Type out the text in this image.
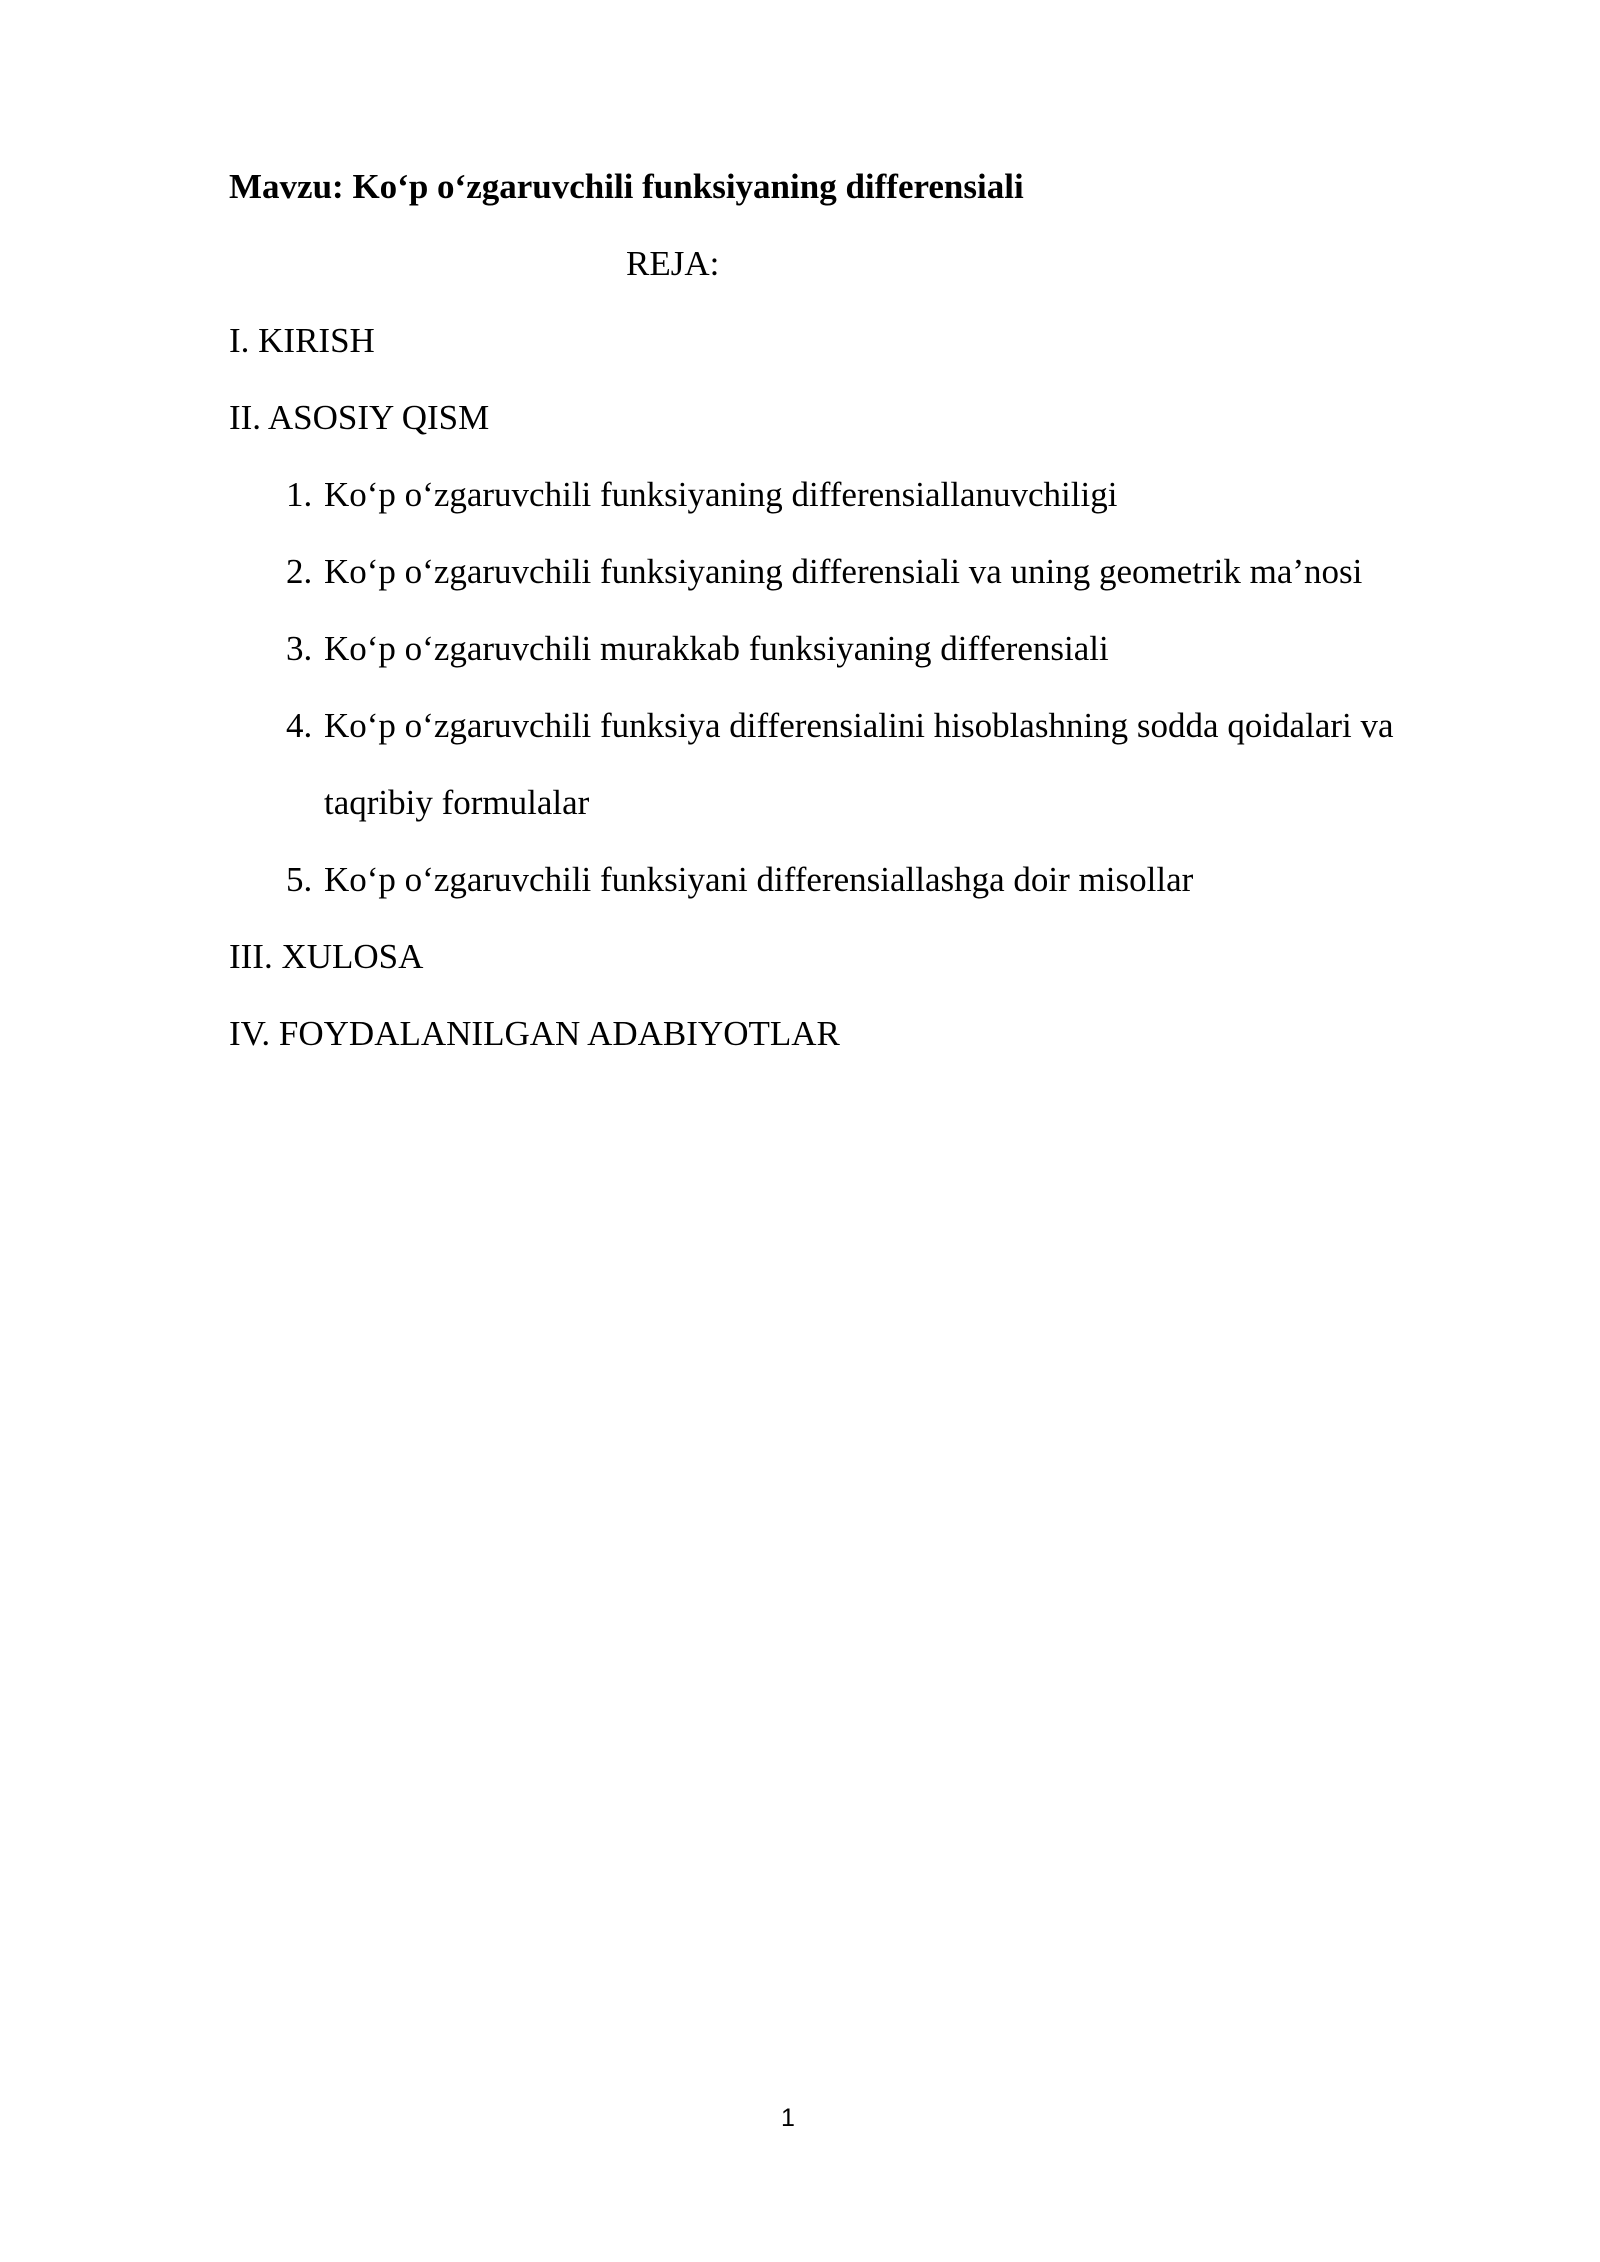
Mavzu: Ko‘p o‘zgaruvchili funksiyaning differensiali

REJA:

I. KIRISH

II. ASOSIY QISM

1. Ko‘p o‘zgaruvchili funksiyaning differensiallanuvchiligi
2. Ko‘p o‘zgaruvchili funksiyaning differensiali va uning geometrik ma’nosi
3. Ko‘p o‘zgaruvchili murakkab funksiyaning differensiali
4. Ko‘p o‘zgaruvchili funksiya differensialini hisoblashning sodda qoidalari va taqribiy formulalar
5. Ko‘p o‘zgaruvchili funksiyani differensiallashga doir misollar

III. XULOSA

IV. FOYDALANILGAN ADABIYOTLAR

1
